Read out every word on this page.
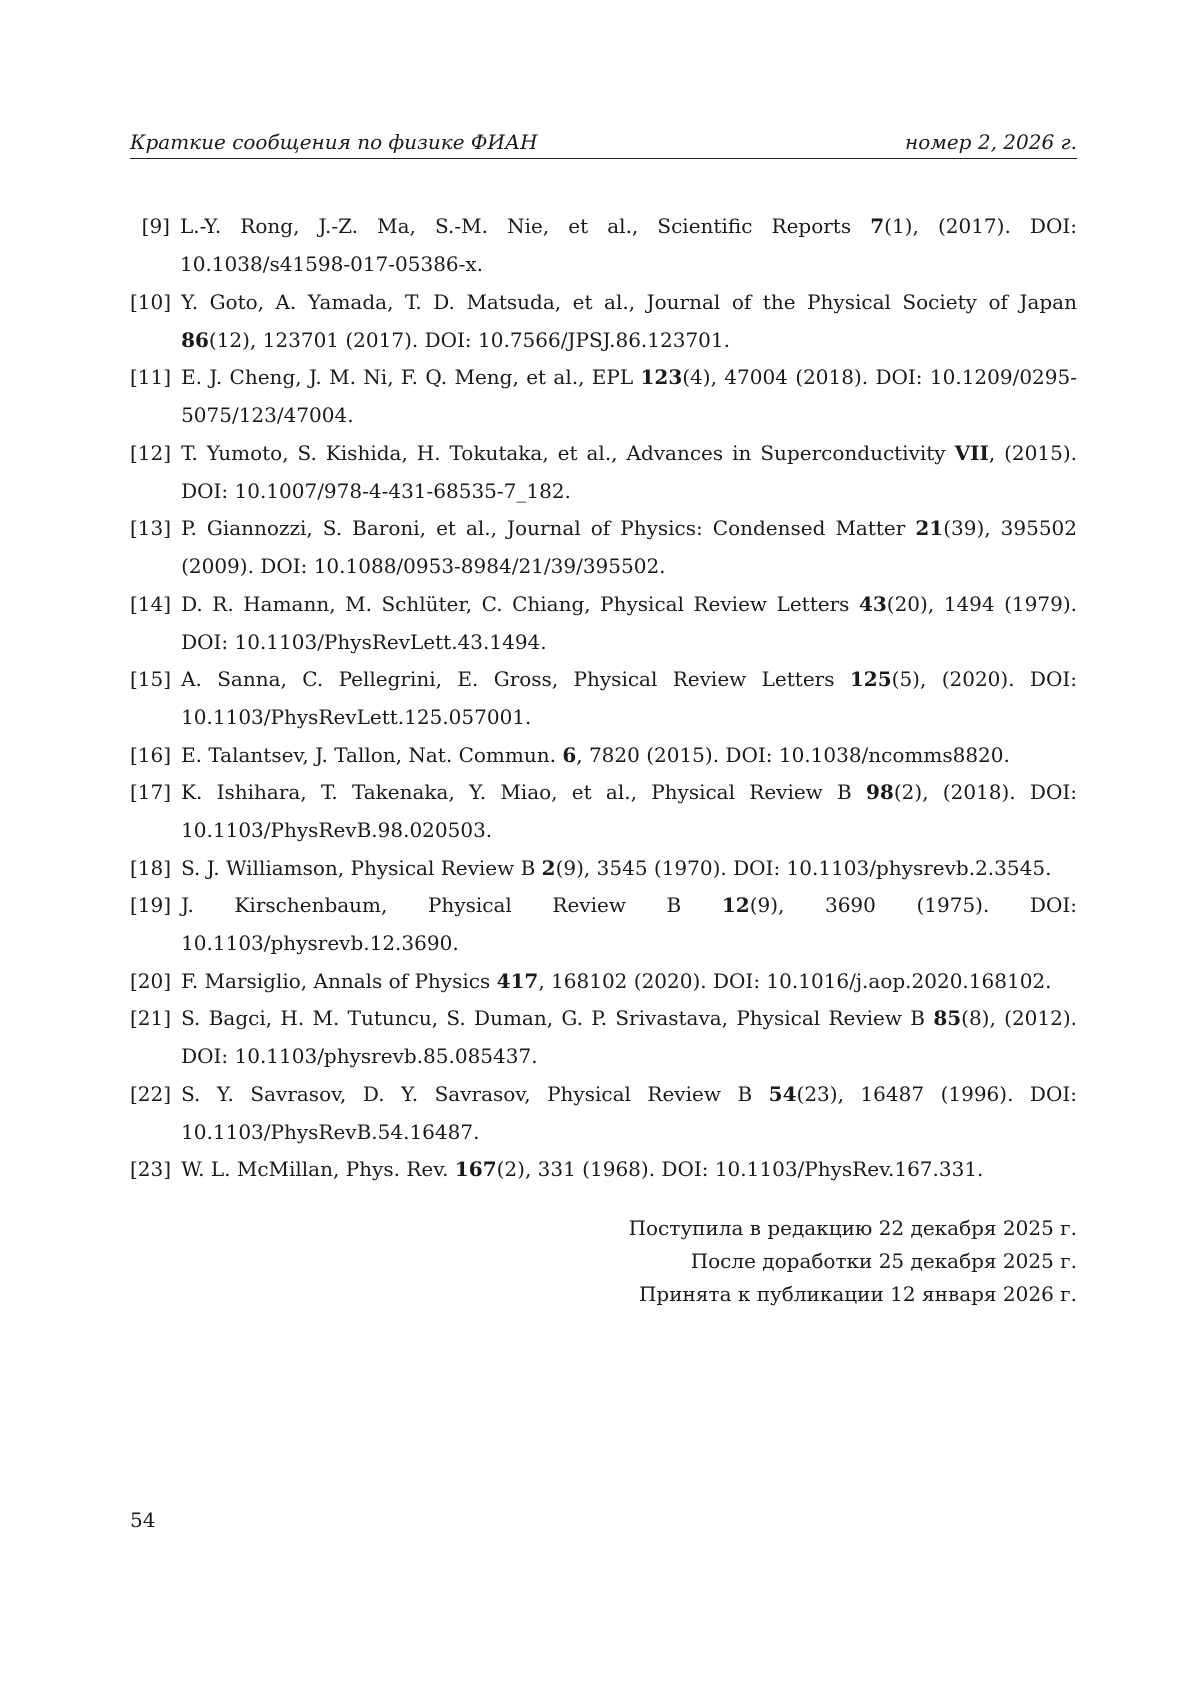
Краткие сообщения по физике ФИАН	номер 2, 2026 г.
[9] L.-Y. Rong, J.-Z. Ma, S.-M. Nie, et al., Scientific Reports 7(1), (2017). DOI: 10.1038/s41598-017-05386-x.
[10] Y. Goto, A. Yamada, T. D. Matsuda, et al., Journal of the Physical Society of Japan 86(12), 123701 (2017). DOI: 10.7566/JPSJ.86.123701.
[11] E. J. Cheng, J. M. Ni, F. Q. Meng, et al., EPL 123(4), 47004 (2018). DOI: 10.1209/0295-5075/123/47004.
[12] T. Yumoto, S. Kishida, H. Tokutaka, et al., Advances in Superconductivity VII, (2015). DOI: 10.1007/978-4-431-68535-7_182.
[13] P. Giannozzi, S. Baroni, et al., Journal of Physics: Condensed Matter 21(39), 395502 (2009). DOI: 10.1088/0953-8984/21/39/395502.
[14] D. R. Hamann, M. Schlüter, C. Chiang, Physical Review Letters 43(20), 1494 (1979). DOI: 10.1103/PhysRevLett.43.1494.
[15] A. Sanna, C. Pellegrini, E. Gross, Physical Review Letters 125(5), (2020). DOI: 10.1103/PhysRevLett.125.057001.
[16] E. Talantsev, J. Tallon, Nat. Commun. 6, 7820 (2015). DOI: 10.1038/ncomms8820.
[17] K. Ishihara, T. Takenaka, Y. Miao, et al., Physical Review B 98(2), (2018). DOI: 10.1103/PhysRevB.98.020503.
[18] S. J. Williamson, Physical Review B 2(9), 3545 (1970). DOI: 10.1103/physrevb.2.3545.
[19] J. Kirschenbaum, Physical Review B 12(9), 3690 (1975). DOI: 10.1103/physrevb.12.3690.
[20] F. Marsiglio, Annals of Physics 417, 168102 (2020). DOI: 10.1016/j.aop.2020.168102.
[21] S. Bagci, H. M. Tutuncu, S. Duman, G. P. Srivastava, Physical Review B 85(8), (2012). DOI: 10.1103/physrevb.85.085437.
[22] S. Y. Savrasov, D. Y. Savrasov, Physical Review B 54(23), 16487 (1996). DOI: 10.1103/PhysRevB.54.16487.
[23] W. L. McMillan, Phys. Rev. 167(2), 331 (1968). DOI: 10.1103/PhysRev.167.331.
Поступила в редакцию 22 декабря 2025 г.
После доработки 25 декабря 2025 г.
Принята к публикации 12 января 2026 г.
54
